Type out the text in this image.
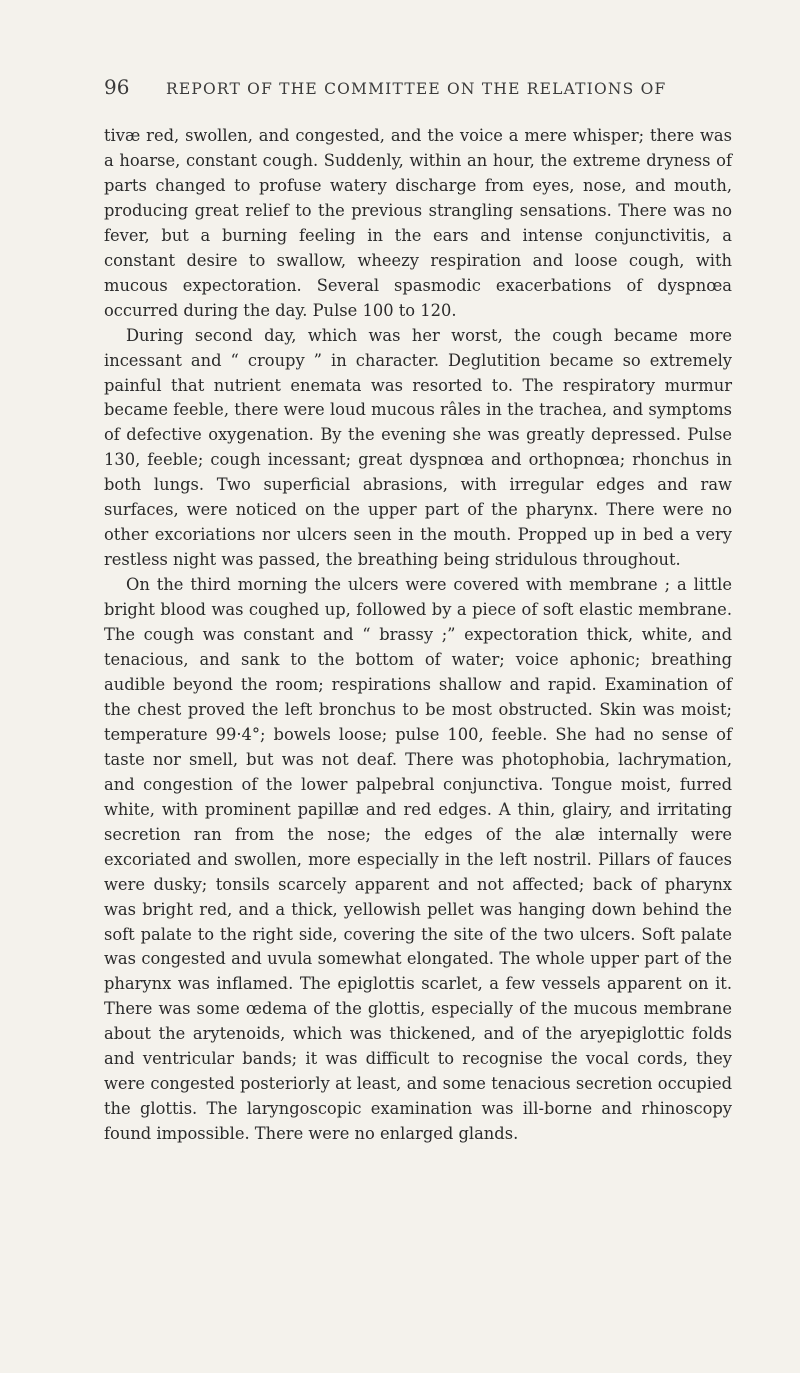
96 REPORT OF THE COMMITTEE ON THE RELATIONS OF

tivæ red, swollen, and congested, and the voice a mere whisper; there was a hoarse, constant cough. Suddenly, within an hour, the extreme dryness of parts changed to profuse watery discharge from eyes, nose, and mouth, producing great relief to the previous strangling sensations. There was no fever, but a burning feeling in the ears and intense conjunctivitis, a constant desire to swallow, wheezy respiration and loose cough, with mucous expectoration. Several spasmodic exacerbations of dyspnœa occurred during the day. Pulse 100 to 120.

During second day, which was her worst, the cough became more incessant and “ croupy ” in character. Deglutition became so extremely painful that nutrient enemata was resorted to. The respiratory murmur became feeble, there were loud mucous râles in the trachea, and symptoms of defective oxygenation. By the evening she was greatly depressed. Pulse 130, feeble; cough incessant; great dyspnœa and orthopnœa; rhonchus in both lungs. Two superficial abrasions, with irregular edges and raw surfaces, were noticed on the upper part of the pharynx. There were no other excoriations nor ulcers seen in the mouth. Propped up in bed a very restless night was passed, the breathing being stridulous throughout.

On the third morning the ulcers were covered with membrane ; a little bright blood was coughed up, followed by a piece of soft elastic membrane. The cough was constant and “ brassy ;” expectoration thick, white, and tenacious, and sank to the bottom of water; voice aphonic; breathing audible beyond the room; respirations shallow and rapid. Examination of the chest proved the left bronchus to be most obstructed. Skin was moist; temperature 99·4°; bowels loose; pulse 100, feeble. She had no sense of taste nor smell, but was not deaf. There was photophobia, lachrymation, and congestion of the lower palpebral conjunctiva. Tongue moist, furred white, with prominent papillæ and red edges. A thin, glairy, and irritating secretion ran from the nose; the edges of the alæ internally were excoriated and swollen, more especially in the left nostril. Pillars of fauces were dusky; tonsils scarcely apparent and not affected; back of pharynx was bright red, and a thick, yellowish pellet was hanging down behind the soft palate to the right side, covering the site of the two ulcers. Soft palate was congested and uvula somewhat elongated. The whole upper part of the pharynx was inflamed. The epiglottis scarlet, a few vessels apparent on it. There was some œdema of the glottis, especially of the mucous membrane about the arytenoids, which was thickened, and of the aryepiglottic folds and ventricular bands; it was difficult to recognise the vocal cords, they were congested posteriorly at least, and some tenacious secretion occupied the glottis. The laryngoscopic examination was ill-borne and rhinoscopy found impossible. There were no enlarged glands.
